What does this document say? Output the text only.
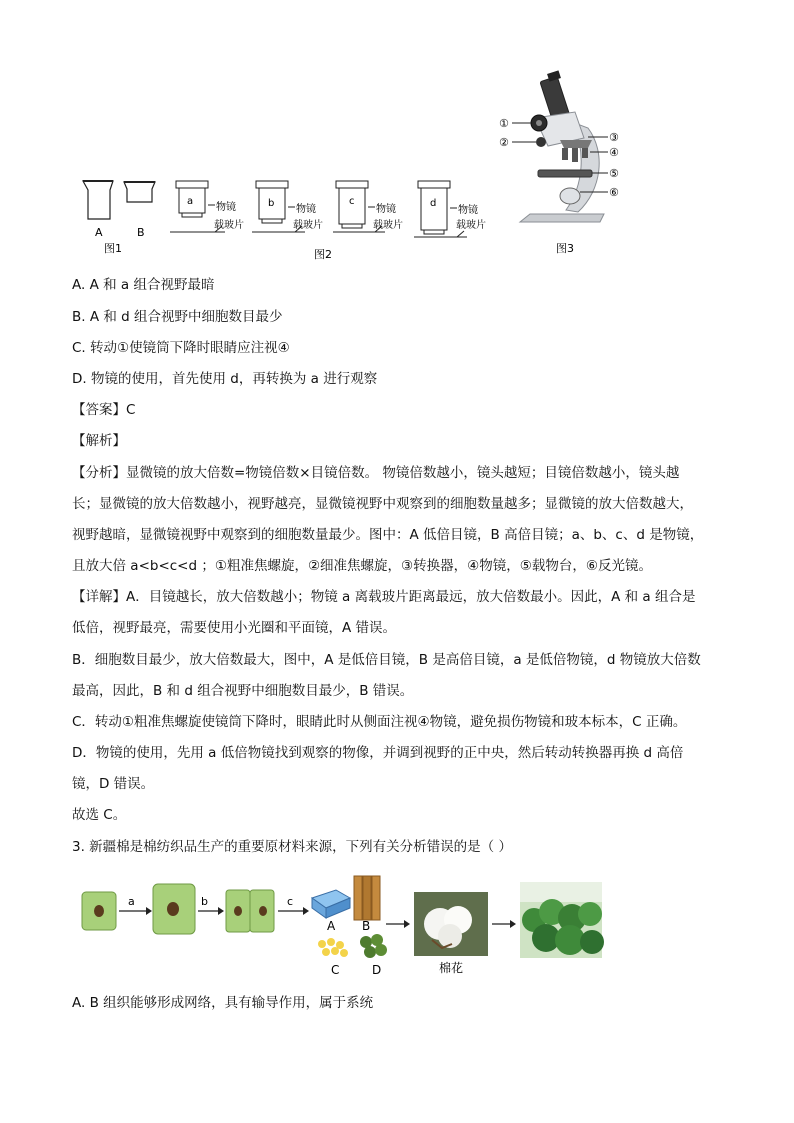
A	B
图1
a
物镜
载玻片
b
物镜
载玻片
c
物镜
载玻片
d
物镜
载玻片
图2
①
②	③
④
⑤
⑥
图3
A. A 和 a 组合视野最暗
B. A 和 d 组合视野中细胞数目最少
C. 转动①使镜筒下降时眼睛应注视④
D. 物镜的使用，首先使用 d，再转换为 a 进行观察
【答案】C
【解析】
【分析】显微镜的放大倍数=物镜倍数×目镜倍数。 物镜倍数越小，镜头越短；目镜倍数越小，镜头越
长；显微镜的放大倍数越小，视野越亮，显微镜视野中观察到的细胞数量越多；显微镜的放大倍数越大，
视野越暗，显微镜视野中观察到的细胞数量最少。图中：A 低倍目镜，B 高倍目镜；a、b、c、d 是物镜，
且放大倍 a<b<c<d ；①粗准焦螺旋，②细准焦螺旋，③转换器，④物镜，⑤载物台，⑥反光镜。
【详解】A．目镜越长，放大倍数越小；物镜 a 离载玻片距离最远，放大倍数最小。因此，A 和 a 组合是
低倍，视野最亮，需要使用小光圈和平面镜，A 错误。
B．细胞数目最少，放大倍数最大，图中，A 是低倍目镜，B 是高倍目镜，a 是低倍物镜，d 物镜放大倍数
最高，因此，B 和 d 组合视野中细胞数目最少，B 错误。
C．转动①粗准焦螺旋使镜筒下降时，眼睛此时从侧面注视④物镜，避免损伤物镜和玻本标本，C 正确。
D．物镜的使用，先用 a 低倍物镜找到观察的物像，并调到视野的正中央，然后转动转换器再换 d 高倍
镜，D 错误。
故选 C。
3. 新疆棉是棉纺织品生产的重要原材料来源，下列有关分析错误的是（ ）
a	b	c
A B
C	D	棉花
A. B 组织能够形成网络，具有输导作用，属于系统
